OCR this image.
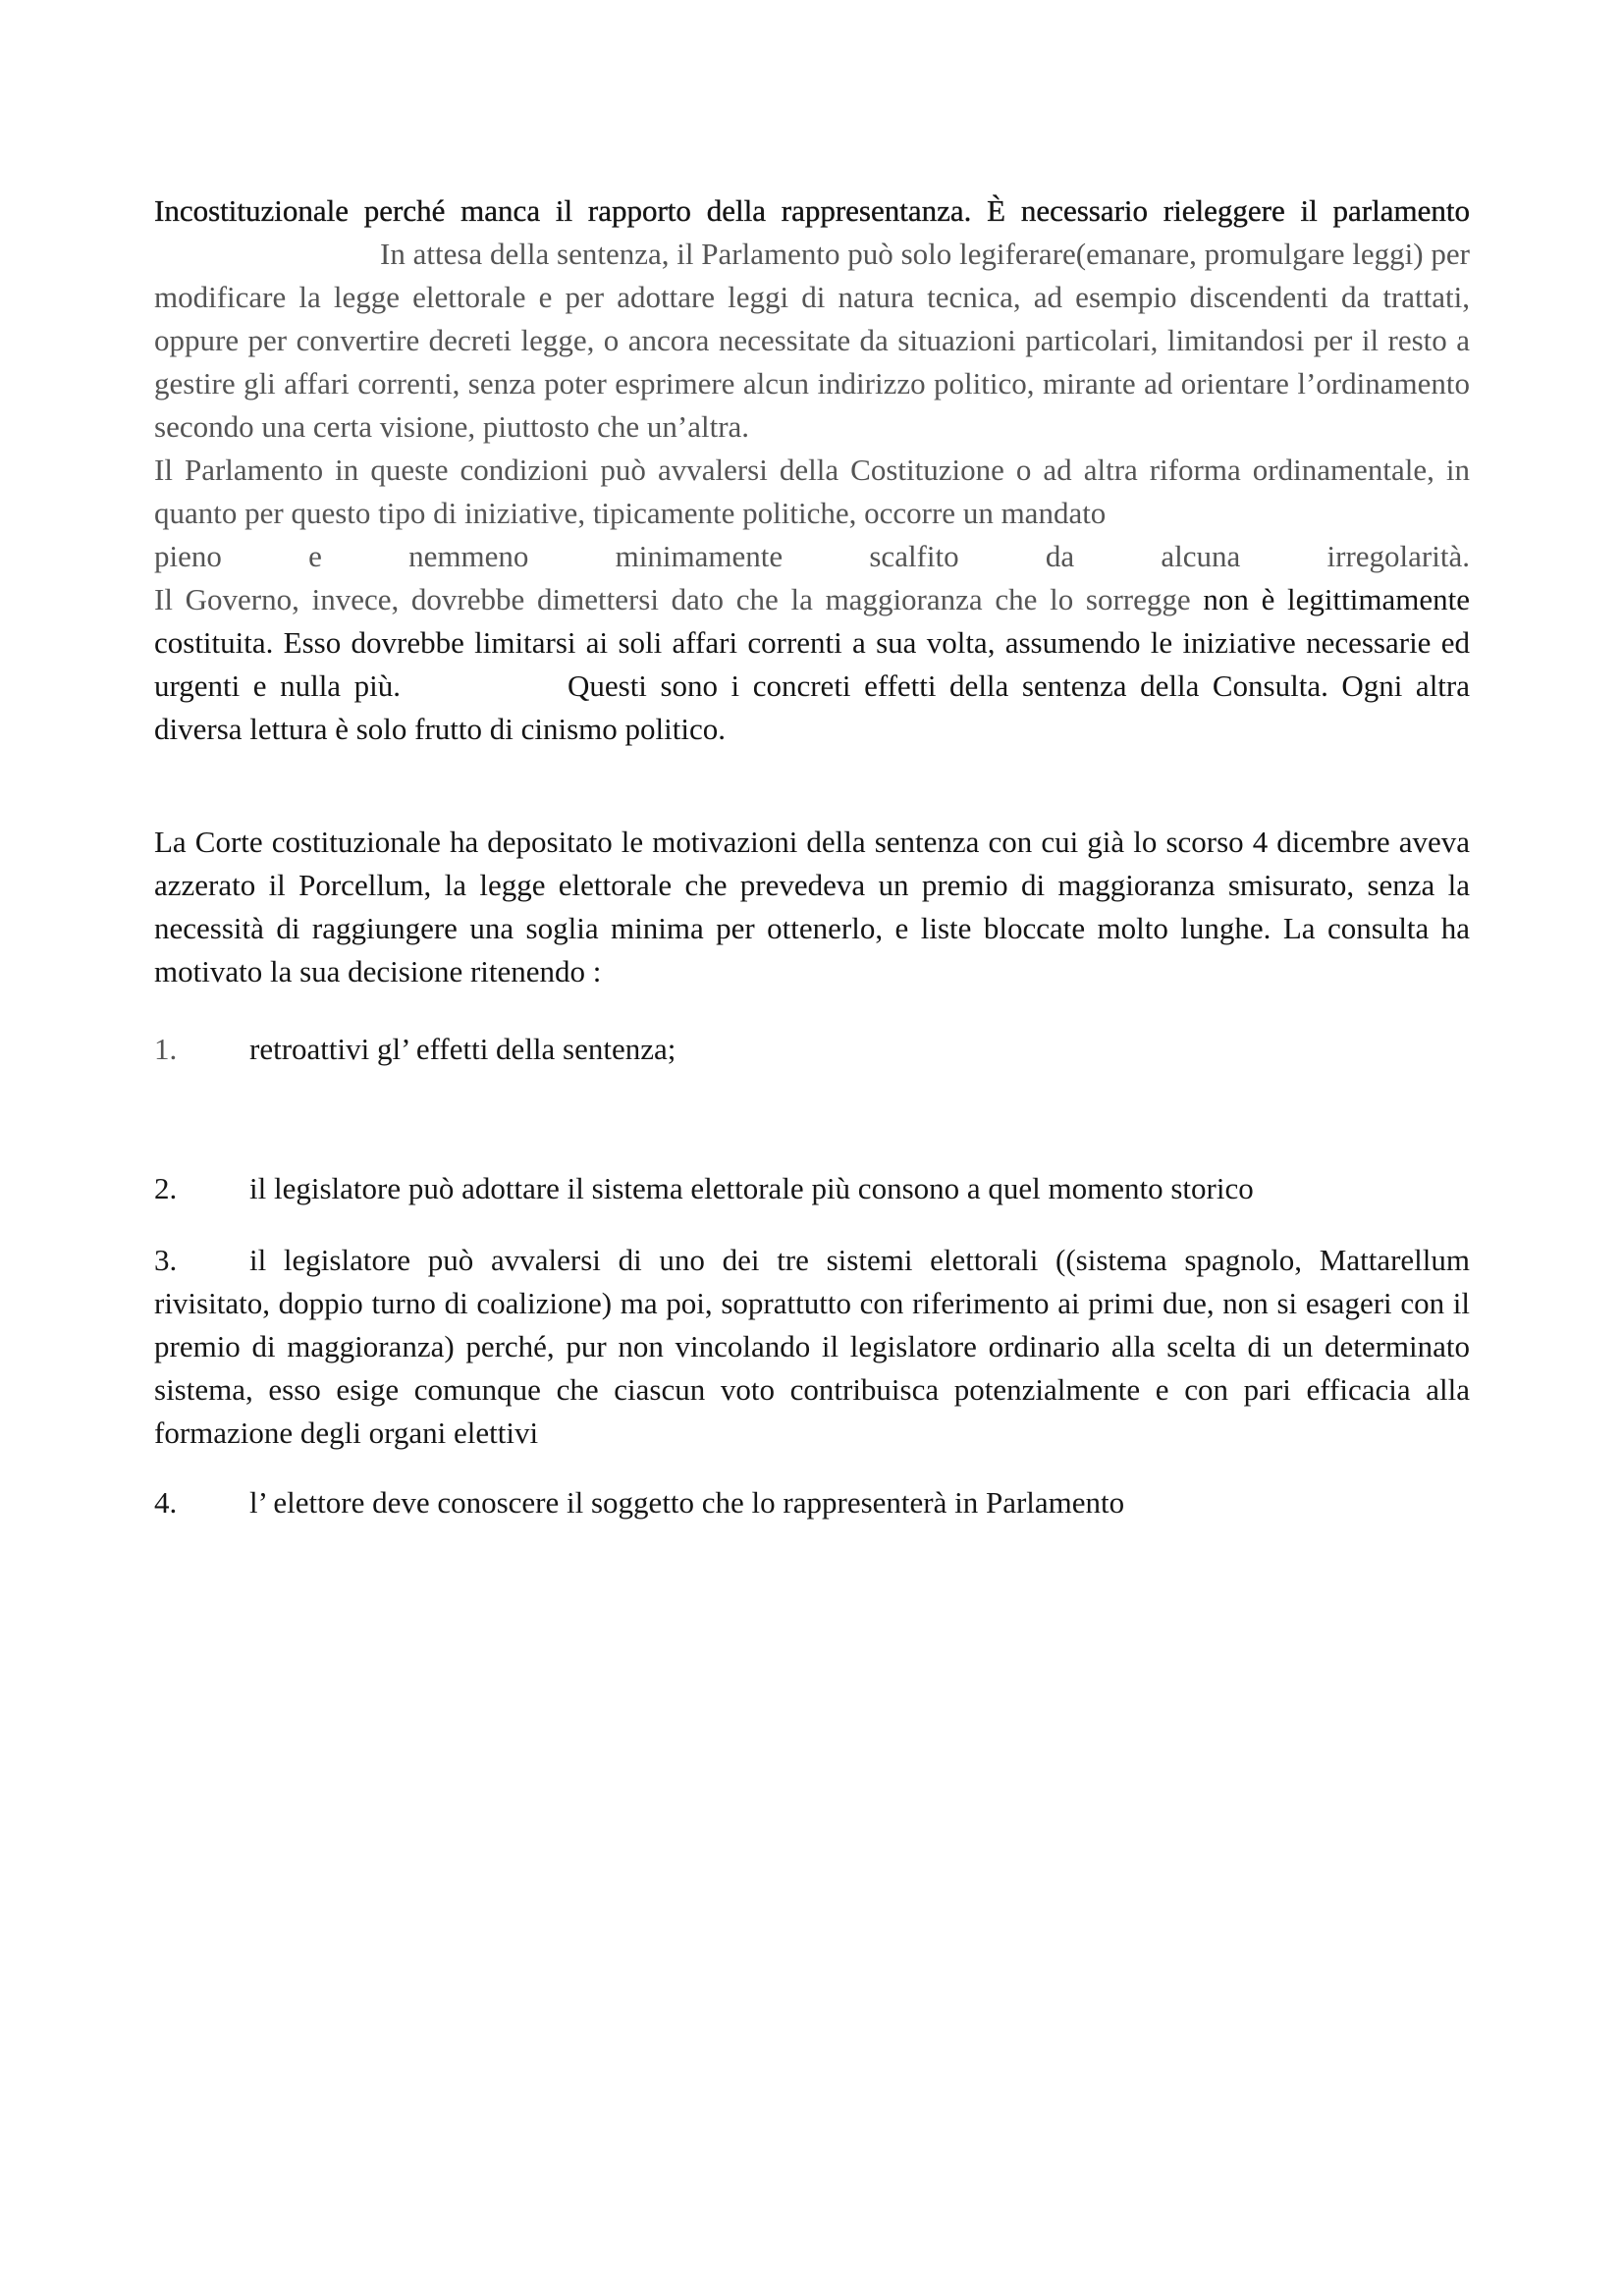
Incostituzionale perché manca il rapporto della rappresentanza. È necessario rieleggere il parlamentoIn attesa della sentenza, il Parlamento può solo legiferare(emanare, promulgare leggi) per modificare la legge elettorale e per adottare leggi di natura tecnica, ad esempio discendenti da trattati, oppure per convertire decreti legge, o ancora necessitate da situazioni particolari, limitandosi per il resto a gestire gli affari correnti, senza poter esprimere alcun indirizzo politico, mirante ad orientare l’ordinamento secondo una certa visione, piuttosto che un’altra.

Il Parlamento in queste condizioni può avvalersi della Costituzione o ad altra riforma ordinamentale, in quanto per questo tipo di iniziative, tipicamente politiche, occorre un mandato

pieno e nemmeno minimamente scalfito da alcuna irregolarità.

Il Governo, invece, dovrebbe dimettersi dato che la maggioranza che lo sorregge non è legittimamente costituita. Esso dovrebbe limitarsi ai soli affari correnti a sua volta, assumendo le iniziative necessarie ed urgenti e nulla più.	Questi sono i concreti effetti della sentenza della Consulta. Ogni altra diversa lettura è solo frutto di cinismo politico.

La Corte costituzionale ha depositato le motivazioni della sentenza con cui già lo scorso 4 dicembre aveva azzerato il Porcellum, la legge elettorale che prevedeva un premio di maggioranza smisurato, senza la necessità di raggiungere una soglia minima per ottenerlo, e liste bloccate molto lunghe. La consulta ha motivato la sua decisione ritenendo :

1. retroattivi gl’ effetti della sentenza;
2. il legislatore può adottare il sistema elettorale più consono a quel momento storico
3. il legislatore può avvalersi di uno dei tre sistemi elettorali ((sistema spagnolo, Mattarellum rivisitato, doppio turno di coalizione) ma poi, soprattutto con riferimento ai primi due, non si esageri con il premio di maggioranza) perché, pur non vincolando il legislatore ordinario alla scelta di un determinato sistema, esso esige comunque che ciascun voto contribuisca potenzialmente e con pari efficacia alla formazione degli organi elettivi
4. l’ elettore deve conoscere il soggetto che lo rappresenterà in Parlamento
